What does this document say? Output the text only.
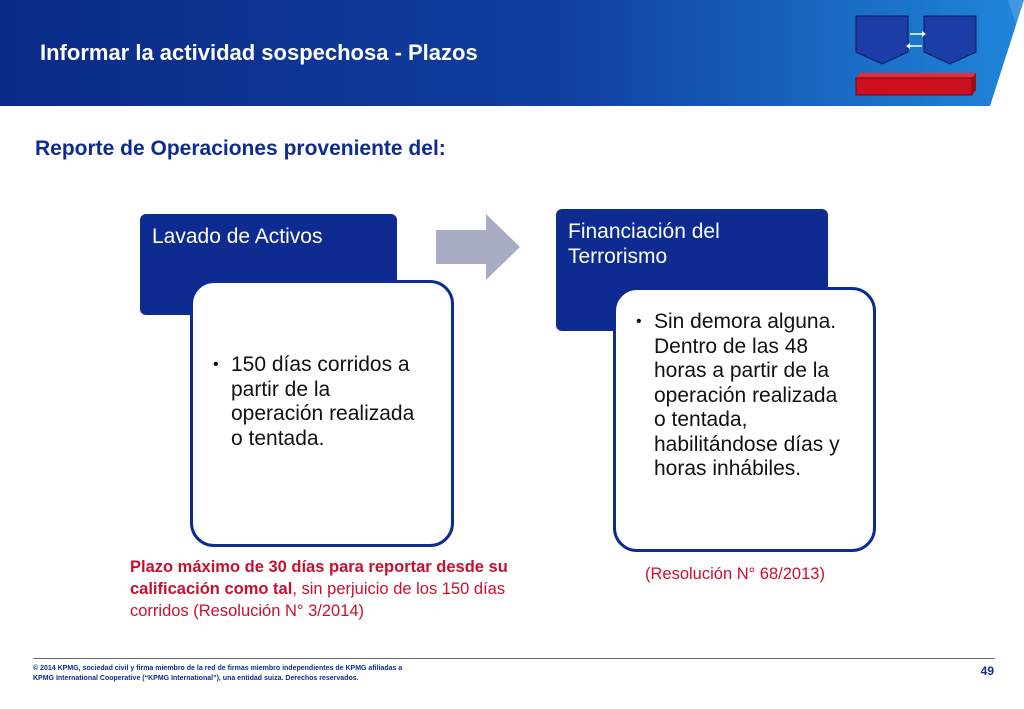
Informar la actividad sospechosa - Plazos
Reporte de Operaciones proveniente del:
Lavado de Activos
• 150 días corridos a partir de la operación realizada o tentada.
Financiación del Terrorismo
• Sin demora alguna. Dentro de las 48 horas a partir de la operación realizada o tentada, habilitándose días y horas inhábiles.
Plazo máximo de 30 días para reportar desde su calificación como tal, sin perjuicio de los 150 días corridos (Resolución N° 3/2014)
(Resolución N° 68/2013)
© 2014 KPMG, sociedad civil y firma miembro de la red de firmas miembro independientes de KPMG afiliadas a
KPMG International Cooperative (“KPMG International”), una entidad suiza. Derechos reservados.
49
